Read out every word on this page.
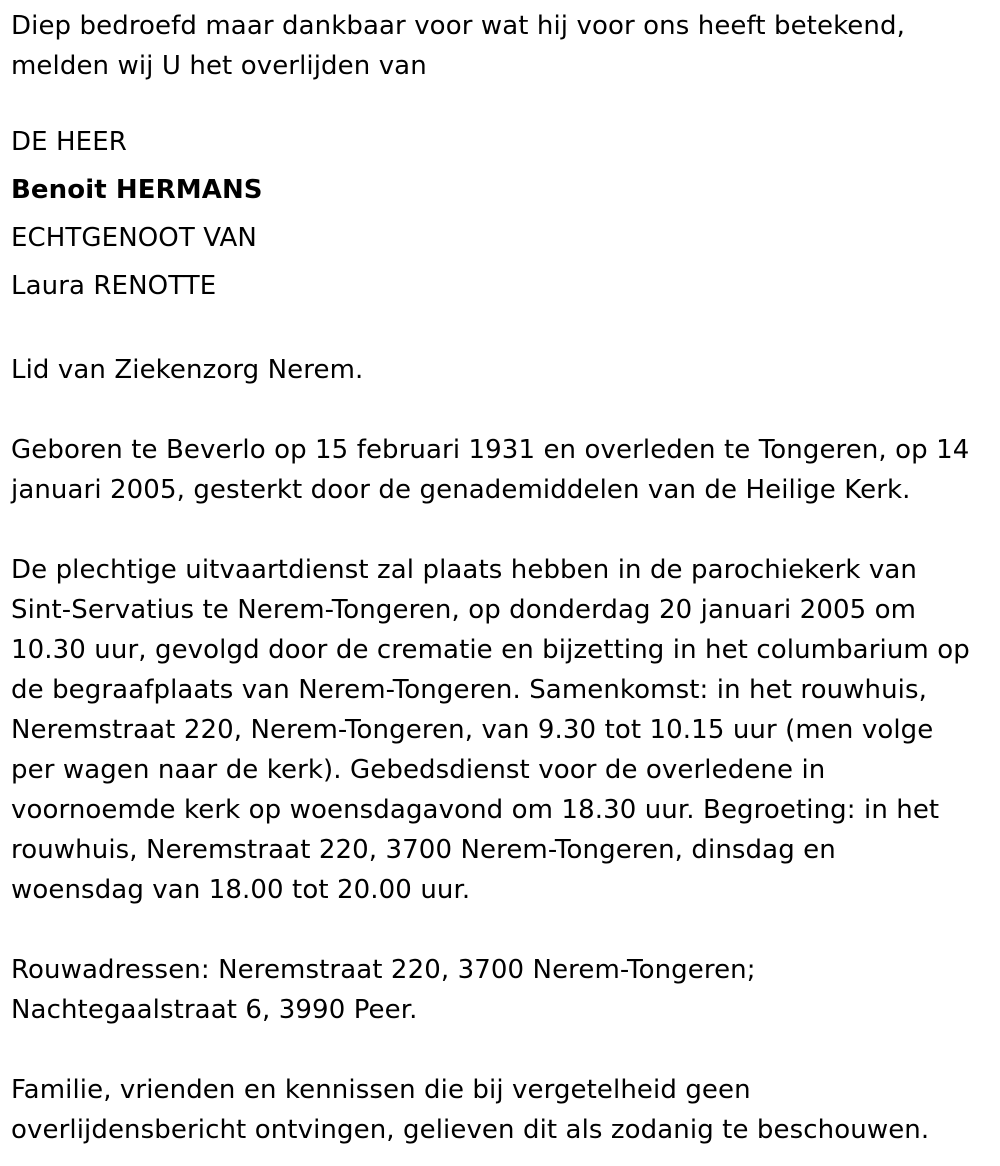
Diep bedroefd maar dankbaar voor wat hij voor ons heeft betekend,

melden wij U het overlijden van

DE HEER

Benoit HERMANS

ECHTGENOOT VAN

Laura RENOTTE

Lid van Ziekenzorg Nerem.

Geboren te Beverlo op 15 februari 1931 en overleden te Tongeren, op 14

januari 2005, gesterkt door de genademiddelen van de Heilige Kerk.

De plechtige uitvaartdienst zal plaats hebben in de parochiekerk van

Sint-Servatius te Nerem-Tongeren, op donderdag 20 januari 2005 om

10.30 uur, gevolgd door de crematie en bijzetting in het columbarium op

de begraafplaats van Nerem-Tongeren. Samenkomst: in het rouwhuis,

Neremstraat 220, Nerem-Tongeren, van 9.30 tot 10.15 uur (men volge

per wagen naar de kerk). Gebedsdienst voor de overledene in

voornoemde kerk op woensdagavond om 18.30 uur. Begroeting: in het

rouwhuis, Neremstraat 220, 3700 Nerem-Tongeren, dinsdag en

woensdag van 18.00 tot 20.00 uur.

Rouwadressen: Neremstraat 220, 3700 Nerem-Tongeren;

Nachtegaalstraat 6, 3990 Peer.

Familie, vrienden en kennissen die bij vergetelheid geen

overlijdensbericht ontvingen, gelieven dit als zodanig te beschouwen.
